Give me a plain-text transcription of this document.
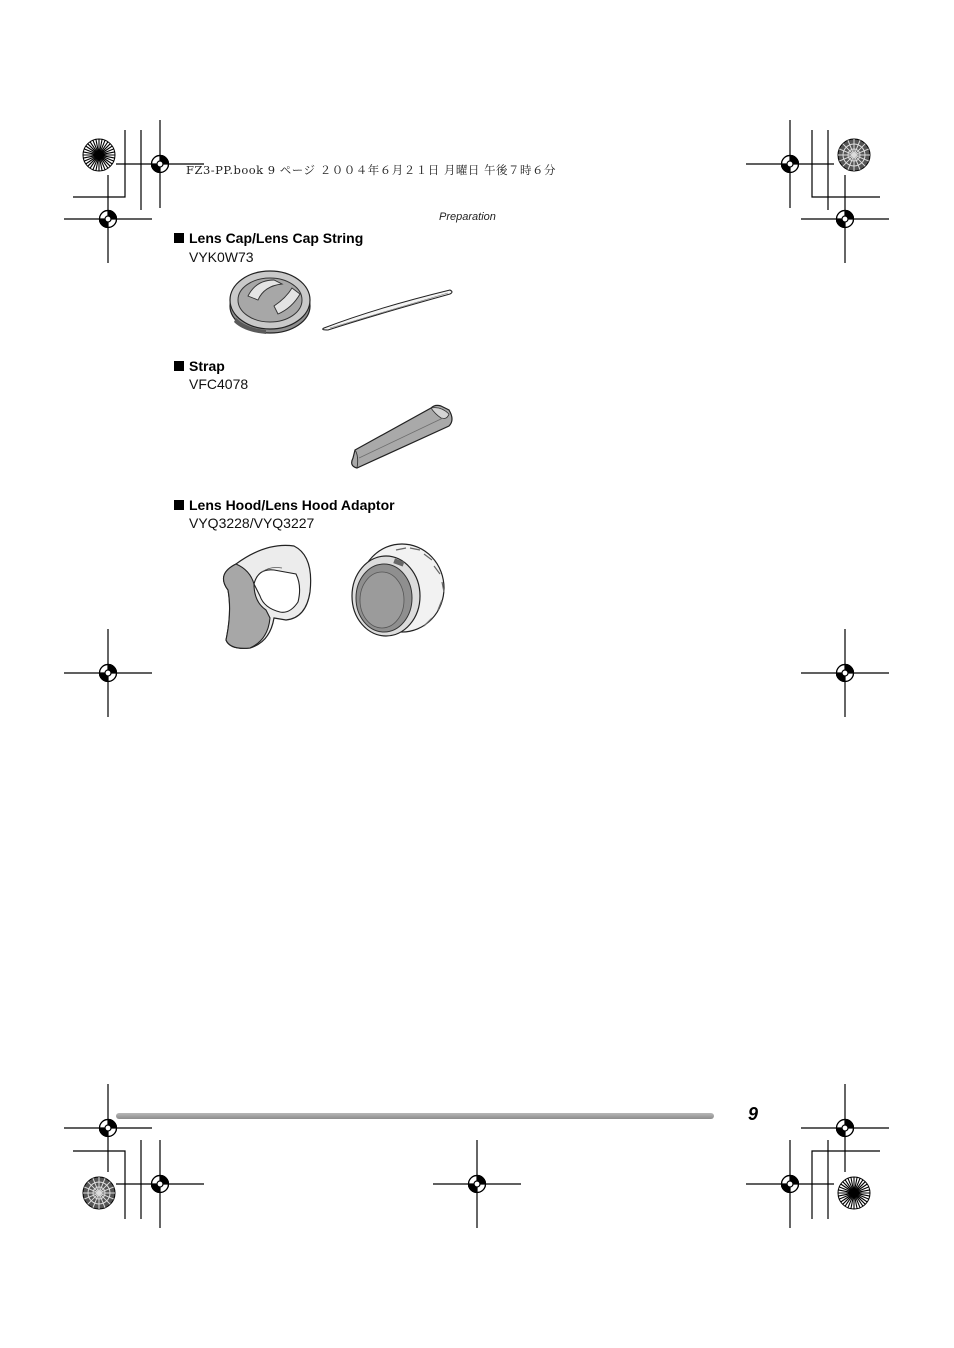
FZ3-PP.book 9 ページ ２００４年６月２１日 月曜日 午後７時６分
Preparation
Lens Cap/Lens Cap String
VYK0W73
Strap
VFC4078
Lens Hood/Lens Hood Adaptor
VYQ3228/VYQ3227
9
